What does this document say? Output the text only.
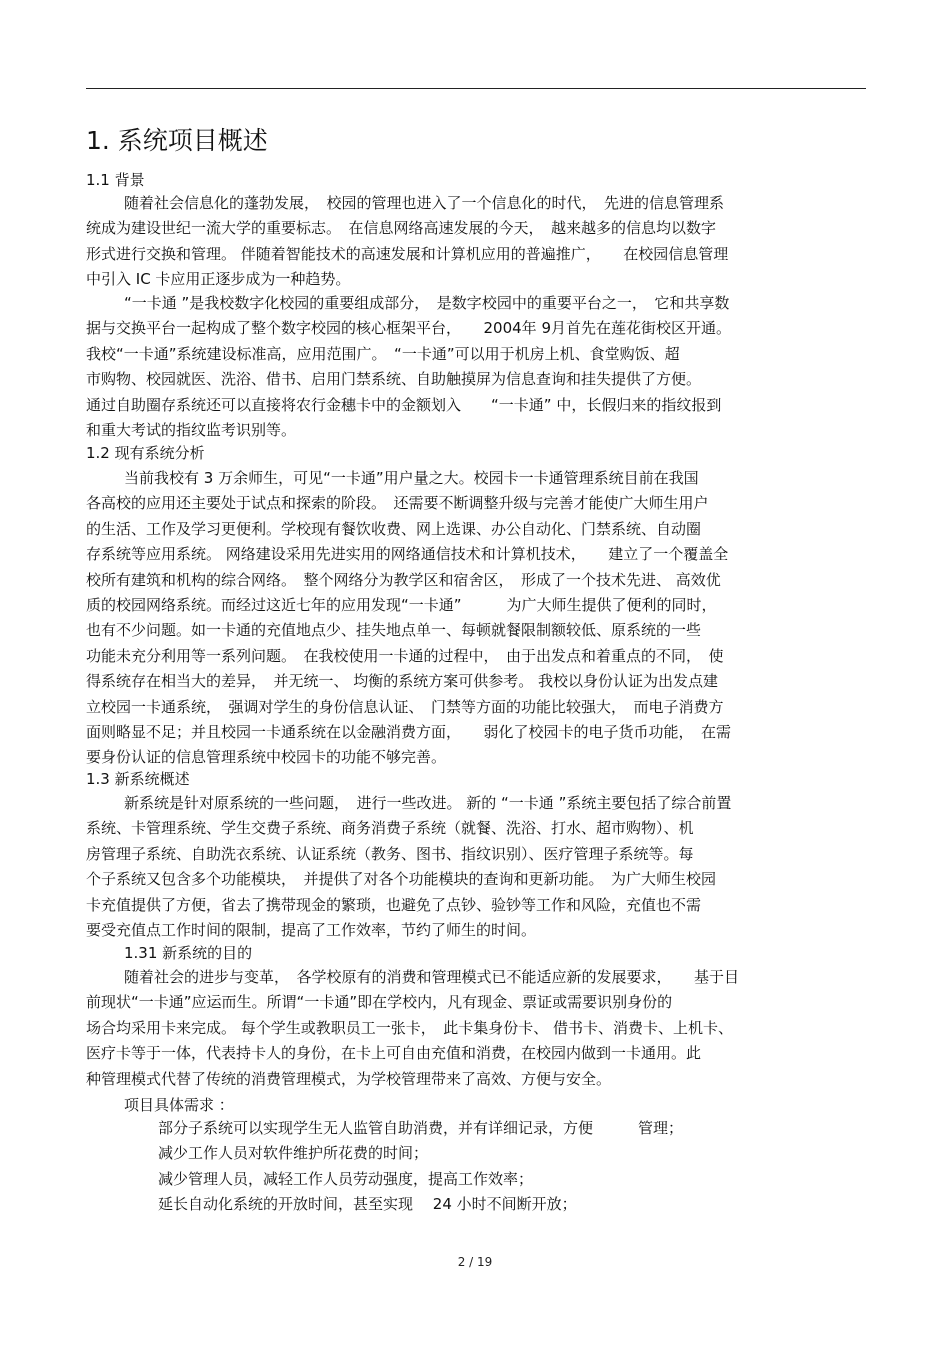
1. 系统项目概述
1.1 背景
随着社会信息化的蓬勃发展，　校园的管理也进入了一个信息化的时代，　先进的信息管理系
统成为建设世纪一流大学的重要标志。　在信息网络高速发展的今天，　越来越多的信息均以数字
形式进行交换和管理。 伴随着智能技术的高速发展和计算机应用的普遍推广，　　在校园信息管理
中引入 IC 卡应用正逐步成为一种趋势。
“一卡通 ”是我校数字化校园的重要组成部分，　是数字校园中的重要平台之一，　它和共享数
据与交换平台一起构成了整个数字校园的核心框架平台，　　2004年 9月首先在莲花街校区开通。
我校“一卡通”系统建设标准高，应用范围广。　“一卡通”可以用于机房上机、食堂购饭、超
市购物、校园就医、洗浴、借书、启用门禁系统、自助触摸屏为信息查询和挂失提供了方便。
通过自助圈存系统还可以直接将农行金穗卡中的金额划入　　“一卡通” 中，长假归来的指纹报到
和重大考试的指纹监考识别等。
1.2 现有系统分析
当前我校有 3 万余师生，可见“一卡通”用户量之大。校园卡一卡通管理系统目前在我国
各高校的应用还主要处于试点和探索的阶段。　还需要不断调整升级与完善才能使广大师生用户
的生活、工作及学习更便利。学校现有餐饮收费、网上选课、办公自动化、门禁系统、自动圈
存系统等应用系统。 网络建设采用先进实用的网络通信技术和计算机技术，　　建立了一个覆盖全
校所有建筑和机构的综合网络。　整个网络分为教学区和宿舍区，　形成了一个技术先进、 高效优
质的校园网络系统。而经过这近七年的应用发现“一卡通”　　　为广大师生提供了便利的同时，
也有不少问题。如一卡通的充值地点少、挂失地点单一、每顿就餐限制额较低、原系统的一些
功能未充分利用等一系列问题。　在我校使用一卡通的过程中，　由于出发点和着重点的不同，　使
得系统存在相当大的差异，　并无统一、 均衡的系统方案可供参考。 我校以身份认证为出发点建
立校园一卡通系统，　强调对学生的身份信息认证、　门禁等方面的功能比较强大，　而电子消费方
面则略显不足；并且校园一卡通系统在以金融消费方面，　　弱化了校园卡的电子货币功能，　在需
要身份认证的信息管理系统中校园卡的功能不够完善。
1.3 新系统概述
新系统是针对原系统的一些问题，　进行一些改进。 新的 “一卡通 ”系统主要包括了综合前置
系统、卡管理系统、学生交费子系统、商务消费子系统（就餐、洗浴、打水、超市购物）、机
房管理子系统、自助洗衣系统、认证系统（教务、图书、指纹识别）、医疗管理子系统等。每
个子系统又包含多个功能模块，　并提供了对各个功能模块的查询和更新功能。　为广大师生校园
卡充值提供了方便，省去了携带现金的繁琐，也避免了点钞、验钞等工作和风险，充值也不需
要受充值点工作时间的限制，提高了工作效率，节约了师生的时间。
1.31 新系统的目的
随着社会的进步与变革，　各学校原有的消费和管理模式已不能适应新的发展要求，　　基于目
前现状“一卡通”应运而生。所谓“一卡通”即在学校内，凡有现金、票证或需要识别身份的
场合均采用卡来完成。 每个学生或教职员工一张卡，　此卡集身份卡、 借书卡、消费卡、上机卡、
医疗卡等于一体，代表持卡人的身份，在卡上可自由充值和消费，在校园内做到一卡通用。此
种管理模式代替了传统的消费管理模式，为学校管理带来了高效、方便与安全。
项目具体需求 ：
部分子系统可以实现学生无人监管自助消费，并有详细记录，方便　　　管理；
减少工作人员对软件维护所花费的时间；
减少管理人员，减轻工作人员劳动强度，提高工作效率；
延长自动化系统的开放时间，甚至实现　 24 小时不间断开放；
2 / 19
